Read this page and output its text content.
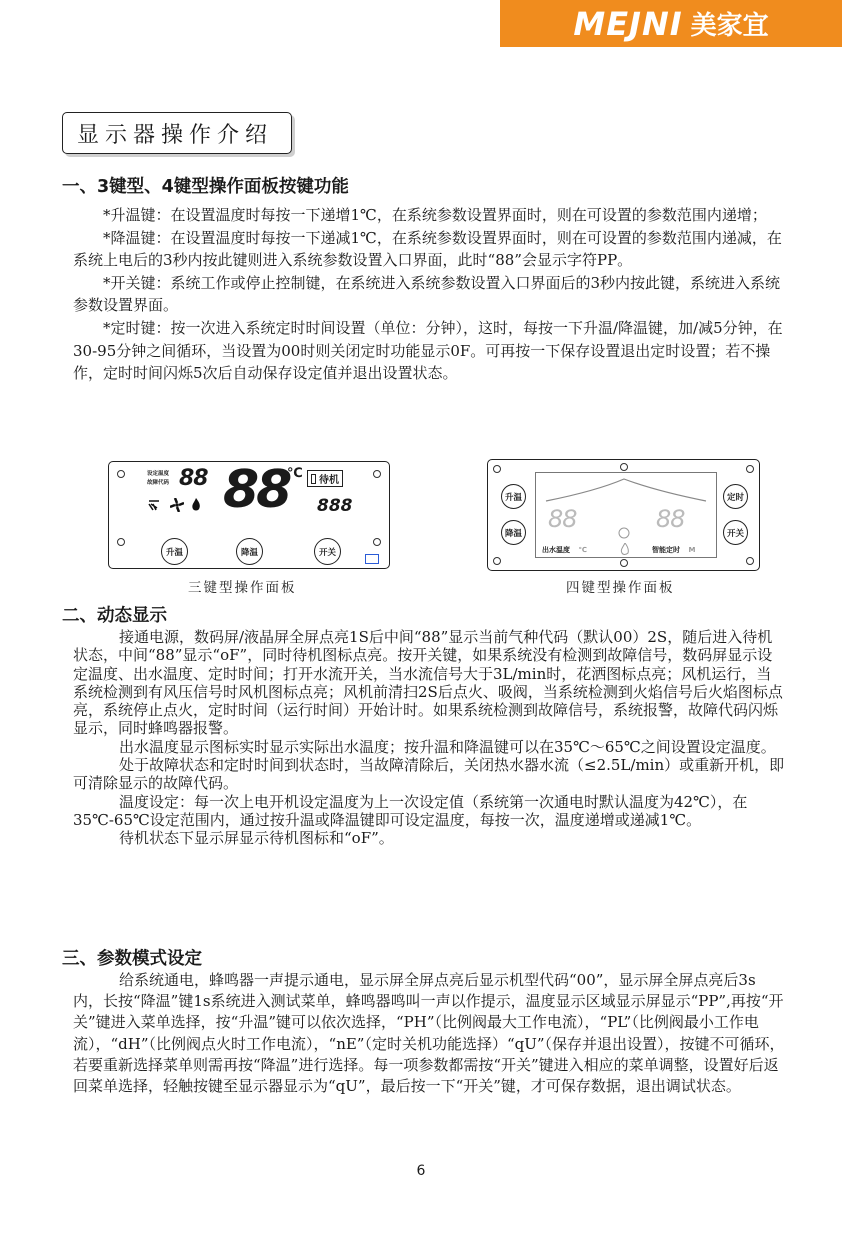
MEJNI 美家宜
显示器操作介绍
一、3键型、4键型操作面板按键功能

*升温键：在设置温度时每按一下递增1℃，在系统参数设置界面时，则在可设置的参数范围内递增；

*降温键：在设置温度时每按一下递减1℃，在系统参数设置界面时，则在可设置的参数范围内递减，在系统上电后的3秒内按此键则进入系统参数设置入口界面，此时“88”会显示字符PP。

*开关键：系统工作或停止控制键，在系统进入系统参数设置入口界面后的3秒内按此键，系统进入系统参数设置界面。

*定时键：按一次进入系统定时时间设置（单位：分钟），这时，每按一下升温/降温键，加/减5分钟，在30-95分钟之间循环，当设置为00时则关闭定时功能显示0F。可再按一下保存设置退出定时设置；若不操作，定时时间闪烁5次后自动保存设定值并退出设置状态。

设定温度
故障代码 88 88
℃ 待机
888
升温	降温	开关
三键型操作面板
88	88
出水温度 ℃	智能定时 M
升温
降温
定时
开关
四键型操作面板
二、动态显示

接通电源，数码屏/液晶屏全屏点亮1S后中间“88”显示当前气种代码（默认00）2S，随后进入待机状态，中间“88”显示“oF”，同时待机图标点亮。按开关键，如果系统没有检测到故障信号，数码屏显示设定温度、出水温度、定时时间；打开水流开关，当水流信号大于3L/min时，花洒图标点亮；风机运行，当系统检测到有风压信号时风机图标点亮；风机前清扫2S后点火、吸阀，当系统检测到火焰信号后火焰图标点亮，系统停止点火，定时时间（运行时间）开始计时。如果系统检测到故障信号，系统报警，故障代码闪烁显示，同时蜂鸣器报警。

出水温度显示图标实时显示实际出水温度；按升温和降温键可以在35℃～65℃之间设置设定温度。

处于故障状态和定时时间到状态时，当故障清除后，关闭热水器水流（≤2.5L/min）或重新开机，即可清除显示的故障代码。

温度设定：每一次上电开机设定温度为上一次设定值（系统第一次通电时默认温度为42℃），在35℃-65℃设定范围内，通过按升温或降温键即可设定温度，每按一次，温度递增或递减1℃。

待机状态下显示屏显示待机图标和“oF”。

三、参数模式设定

给系统通电，蜂鸣器一声提示通电，显示屏全屏点亮后显示机型代码“00”，显示屏全屏点亮后3s内，长按“降温”键1s系统进入测试菜单，蜂鸣器鸣叫一声以作提示，温度显示区域显示屏显示“PP”,再按“开关”键进入菜单选择，按“升温”键可以依次选择，“PH”（比例阀最大工作电流），“PL”（比例阀最小工作电流），“dH”（比例阀点火时工作电流），“nE”（定时关机功能选择）“qU”（保存并退出设置），按键不可循环，若要重新选择菜单则需再按“降温”进行选择。每一项参数都需按“开关”键进入相应的菜单调整，设置好后返回菜单选择，轻触按键至显示器显示为“qU”，最后按一下“开关”键，才可保存数据，退出调试状态。

6
